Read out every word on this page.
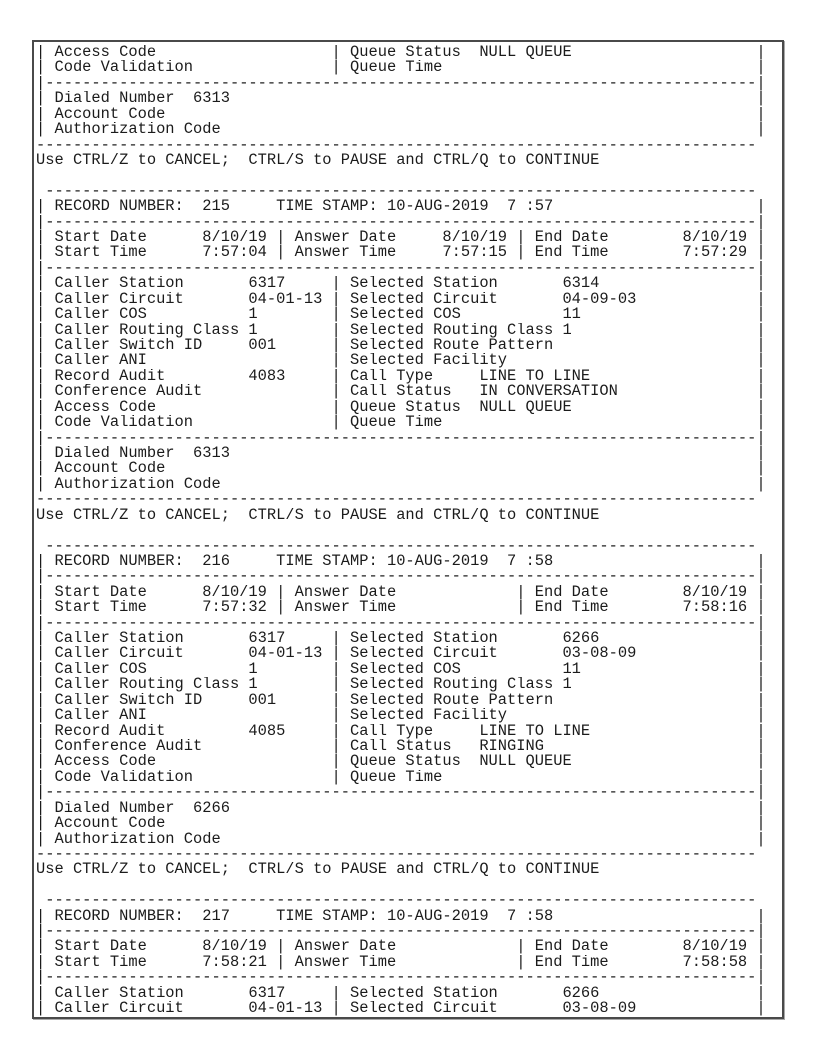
| Access Code                   | Queue Status  NULL QUEUE                    |
| Code Validation               | Queue Time                                  |
|-----------------------------------------------------------------------------|
| Dialed Number  6313                                                         |
| Account Code                                                                |
| Authorization Code                                                          |
------------------------------------------------------------------------------
Use CTRL/Z to CANCEL;  CTRL/S to PAUSE and CTRL/Q to CONTINUE
-----------------------------------------------------------------------------
| RECORD NUMBER:  215     TIME STAMP: 10-AUG-2019  7 :57                      |
|-----------------------------------------------------------------------------|
| Start Date      8/10/19 | Answer Date     8/10/19 | End Date        8/10/19 |
| Start Time      7:57:04 | Answer Time     7:57:15 | End Time        7:57:29 |
|-----------------------------------------------------------------------------|
| Caller Station       6317     | Selected Station       6314                 |
| Caller Circuit       04-01-13 | Selected Circuit       04-09-03             |
| Caller COS           1        | Selected COS           11                   |
| Caller Routing Class 1        | Selected Routing Class 1                    |
| Caller Switch ID     001      | Selected Route Pattern                      |
| Caller ANI                    | Selected Facility                           |
| Record Audit         4083     | Call Type     LINE TO LINE                  |
| Conference Audit              | Call Status   IN CONVERSATION               |
| Access Code                   | Queue Status  NULL QUEUE                    |
| Code Validation               | Queue Time                                  |
|-----------------------------------------------------------------------------|
| Dialed Number  6313                                                         |
| Account Code                                                                |
| Authorization Code                                                          |
------------------------------------------------------------------------------
Use CTRL/Z to CANCEL;  CTRL/S to PAUSE and CTRL/Q to CONTINUE
-----------------------------------------------------------------------------
| RECORD NUMBER:  216     TIME STAMP: 10-AUG-2019  7 :58                      |
|-----------------------------------------------------------------------------|
| Start Date      8/10/19 | Answer Date             | End Date        8/10/19 |
| Start Time      7:57:32 | Answer Time             | End Time        7:58:16 |
|-----------------------------------------------------------------------------|
| Caller Station       6317     | Selected Station       6266                 |
| Caller Circuit       04-01-13 | Selected Circuit       03-08-09             |
| Caller COS           1        | Selected COS           11                   |
| Caller Routing Class 1        | Selected Routing Class 1                    |
| Caller Switch ID     001      | Selected Route Pattern                      |
| Caller ANI                    | Selected Facility                           |
| Record Audit         4085     | Call Type     LINE TO LINE                  |
| Conference Audit              | Call Status   RINGING                       |
| Access Code                   | Queue Status  NULL QUEUE                    |
| Code Validation               | Queue Time                                  |
|-----------------------------------------------------------------------------|
| Dialed Number  6266                                                         |
| Account Code                                                                |
| Authorization Code                                                          |
------------------------------------------------------------------------------
Use CTRL/Z to CANCEL;  CTRL/S to PAUSE and CTRL/Q to CONTINUE
-----------------------------------------------------------------------------
| RECORD NUMBER:  217     TIME STAMP: 10-AUG-2019  7 :58                      |
|-----------------------------------------------------------------------------|
| Start Date      8/10/19 | Answer Date             | End Date        8/10/19 |
| Start Time      7:58:21 | Answer Time             | End Time        7:58:58 |
|-----------------------------------------------------------------------------|
| Caller Station       6317     | Selected Station       6266                 |
| Caller Circuit       04-01-13 | Selected Circuit       03-08-09             |
